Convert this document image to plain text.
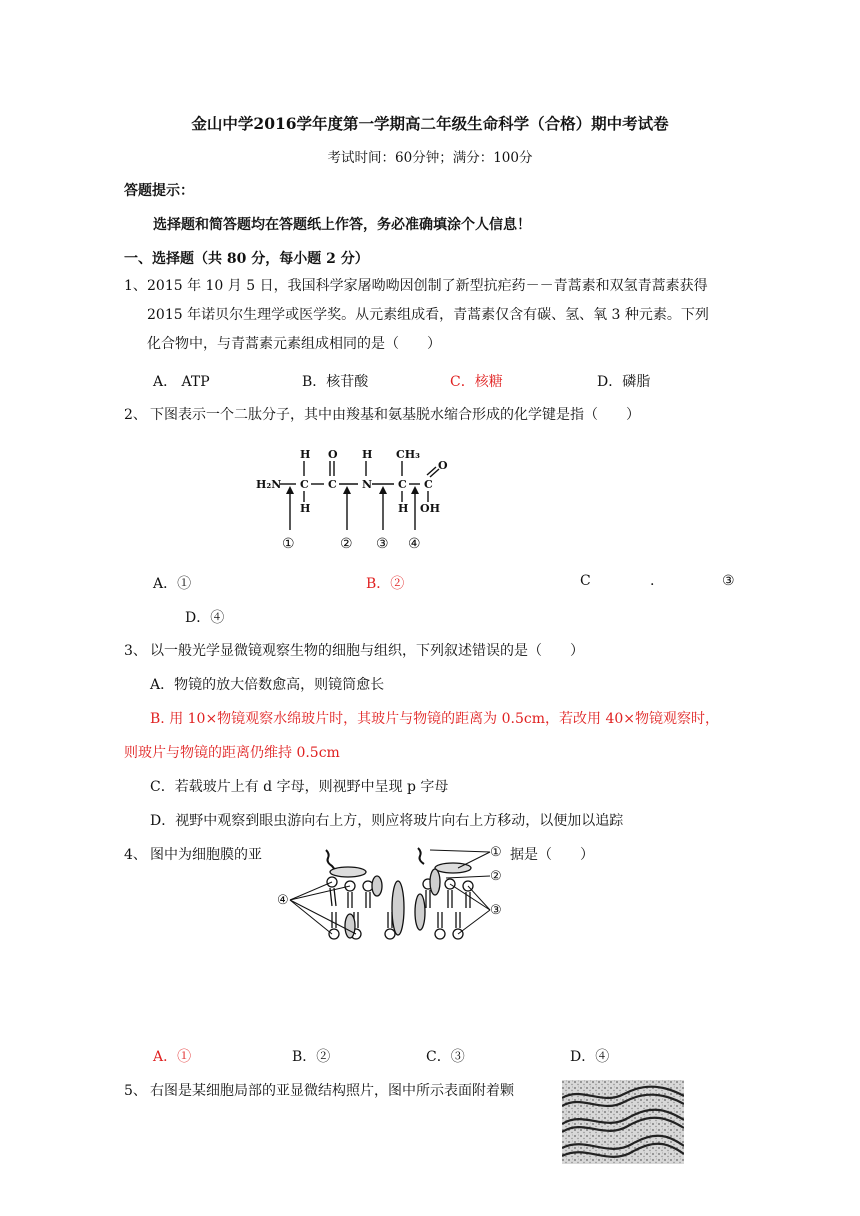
金山中学2016学年度第一学期高二年级生命科学（合格）期中考试卷
考试时间：60分钟；满分：100分
答题提示：
选择题和简答题均在答题纸上作答，务必准确填涂个人信息！
一、选择题（共 80 分，每小题 2 分）
1、 2015 年 10 月 5 日，我国科学家屠呦呦因创制了新型抗疟药－－青蒿素和双氢青蒿素获得
2015 年诺贝尔生理学或医学奖。从元素组成看，青蒿素仅含有碳、氢、氧 3 种元素。下列
化合物中，与青蒿素元素组成相同的是（　　）
A． ATP	B．核苷酸	C．核糖	D．磷脂
2、 下图表示一个二肽分子，其中由羧基和氨基脱水缩合形成的化学键是指（　　）
H₂N
H
C
H
O
C
H
N
CH₃
C
H
C
O
OH
①	② ③ ④
A．①	B．②	C	.	③
D．④
3、 以一般光学显微镜观察生物的细胞与组织，下列叙述错误的是（　　）
A．物镜的放大倍数愈高，则镜筒愈长
B. 用 10×物镜观察水绵玻片时，其玻片与物镜的距离为 0.5cm，若改用 40×物镜观察时，
则玻片与物镜的距离仍维持 0.5cm
C．若载玻片上有 d 字母，则视野中呈现 p 字母
D．视野中观察到眼虫游向右上方，则应将玻片向右上方移动，以便加以追踪
4、 图中为细胞膜的亚	据是（　　）
④
①
②
③
A．①	B．②	C．③	D．④
5、 右图是某细胞局部的亚显微结构照片，图中所示表面附着颗
